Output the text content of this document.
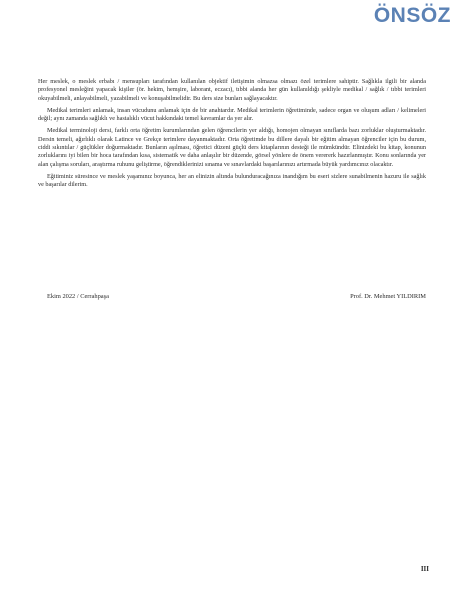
ÖNSÖZ

Her meslek, o meslek erbabı / mensupları tarafından kullanılan objektif iletişimin olmazsa olmazı özel terimlere sahiptir. Sağlıkla ilgili bir alanda profesyonel mesleğini yapacak kişiler (ör. hekim, hemşire, laborant, eczacı), tıbbi alanda her gün kullanıldığı şekliyle medikal / sağlık / tıbbi terimleri okuyabilmeli, anlayabilmeli, yazabilmeli ve konuşabilmelidir. Bu ders size bunları sağlayacaktır.

Medikal terimleri anlamak, insan vücudunu anlamak için de bir anahtardır. Medikal terimlerin öğretiminde, sadece organ ve oluşum adları / kelimeleri değil; aynı zamanda sağlıklı ve hastalıklı vücut hakkındaki temel kavramlar da yer alır.

Medikal terminoloji dersi, farklı orta öğretim kurumlarından gelen öğrencilerin yer aldığı, homojen olmayan sınıflarda bazı zorluklar oluşturmaktadır. Dersin temeli, ağırlıklı olarak Latince ve Grekçe terimlere dayanmaktadır. Orta öğretimde bu dillere dayalı bir eğitim almayan öğrenciler için bu durum, ciddi sıkıntılar / güçlükler doğurmaktadır. Bunların aşılması, öğretici düzeni güçlü ders kitaplarının desteği ile mümkündür. Elinizdeki bu kitap, konunun zorluklarını iyi bilen bir hoca tarafından kısa, sistematik ve daha anlaşılır bir düzende, görsel yönlere de önem verererk hazırlanmıştır. Konu sonlarında yer alan çalışma soruları, araştırma ruhunu geliştirme, öğrendiklerinizi sınama ve sınavlardaki başarılarınızı artırmada büyük yardımcınız olacaktır.

Eğitiminiz süresince ve meslek yaşamınız boyunca, her an elinizin altında bulunduracağınıza inandığım bu eseri sizlere sunabilmenin hazuru ile sağlık ve başarılar dilerim.

Ekim 2022 / Cerrahpaşa	Prof. Dr. Mehmet YILDIRIM
III
